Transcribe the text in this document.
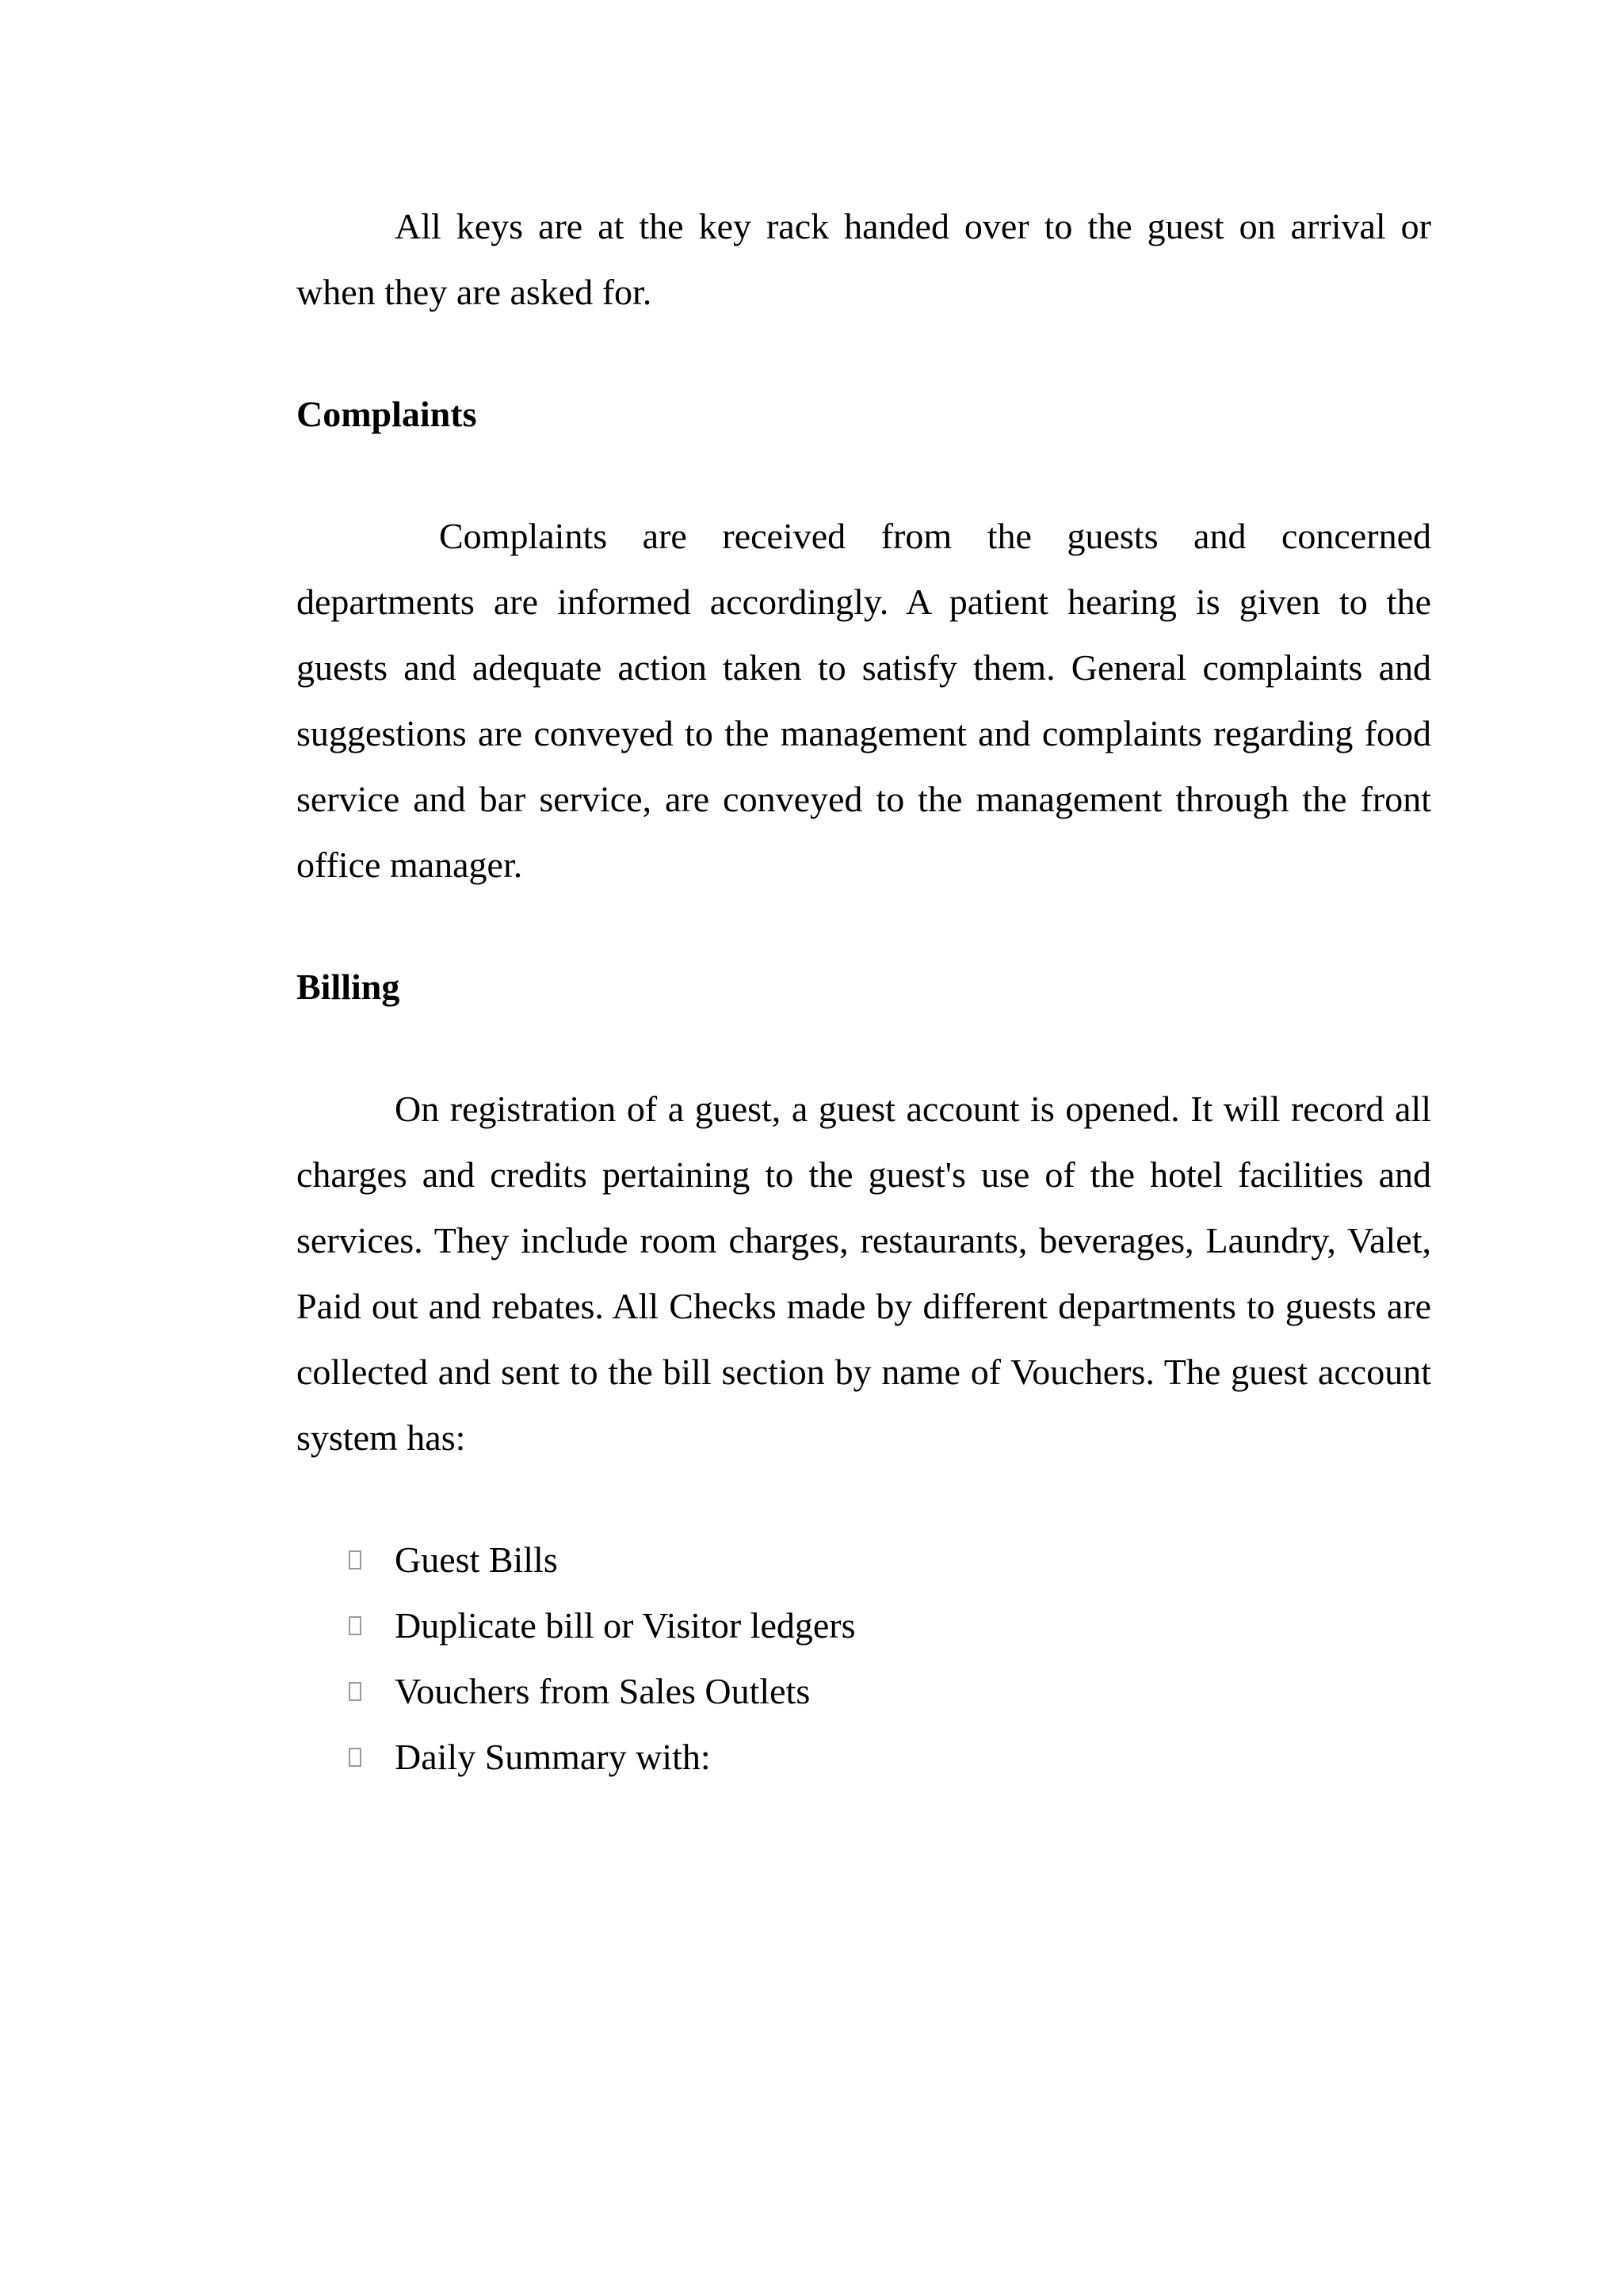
All keys are at the key rack handed over to the guest on arrival or when they are asked for.

Complaints

Complaints are received from the guests and concerned departments are informed accordingly. A patient hearing is given to the guests and adequate action taken to satisfy them. General complaints and suggestions are conveyed to the management and complaints regarding food service and bar service, are conveyed to the management through the front office manager.

Billing

On registration of a guest, a guest account is opened. It will record all charges and credits pertaining to the guest's use of the hotel facilities and services. They include room charges, restaurants, beverages, Laundry, Valet, Paid out and rebates. All Checks made by different departments to guests are collected and sent to the bill section by name of Vouchers. The guest account system has:

Guest Bills
Duplicate bill or Visitor ledgers
Vouchers from Sales Outlets
Daily Summary with:
